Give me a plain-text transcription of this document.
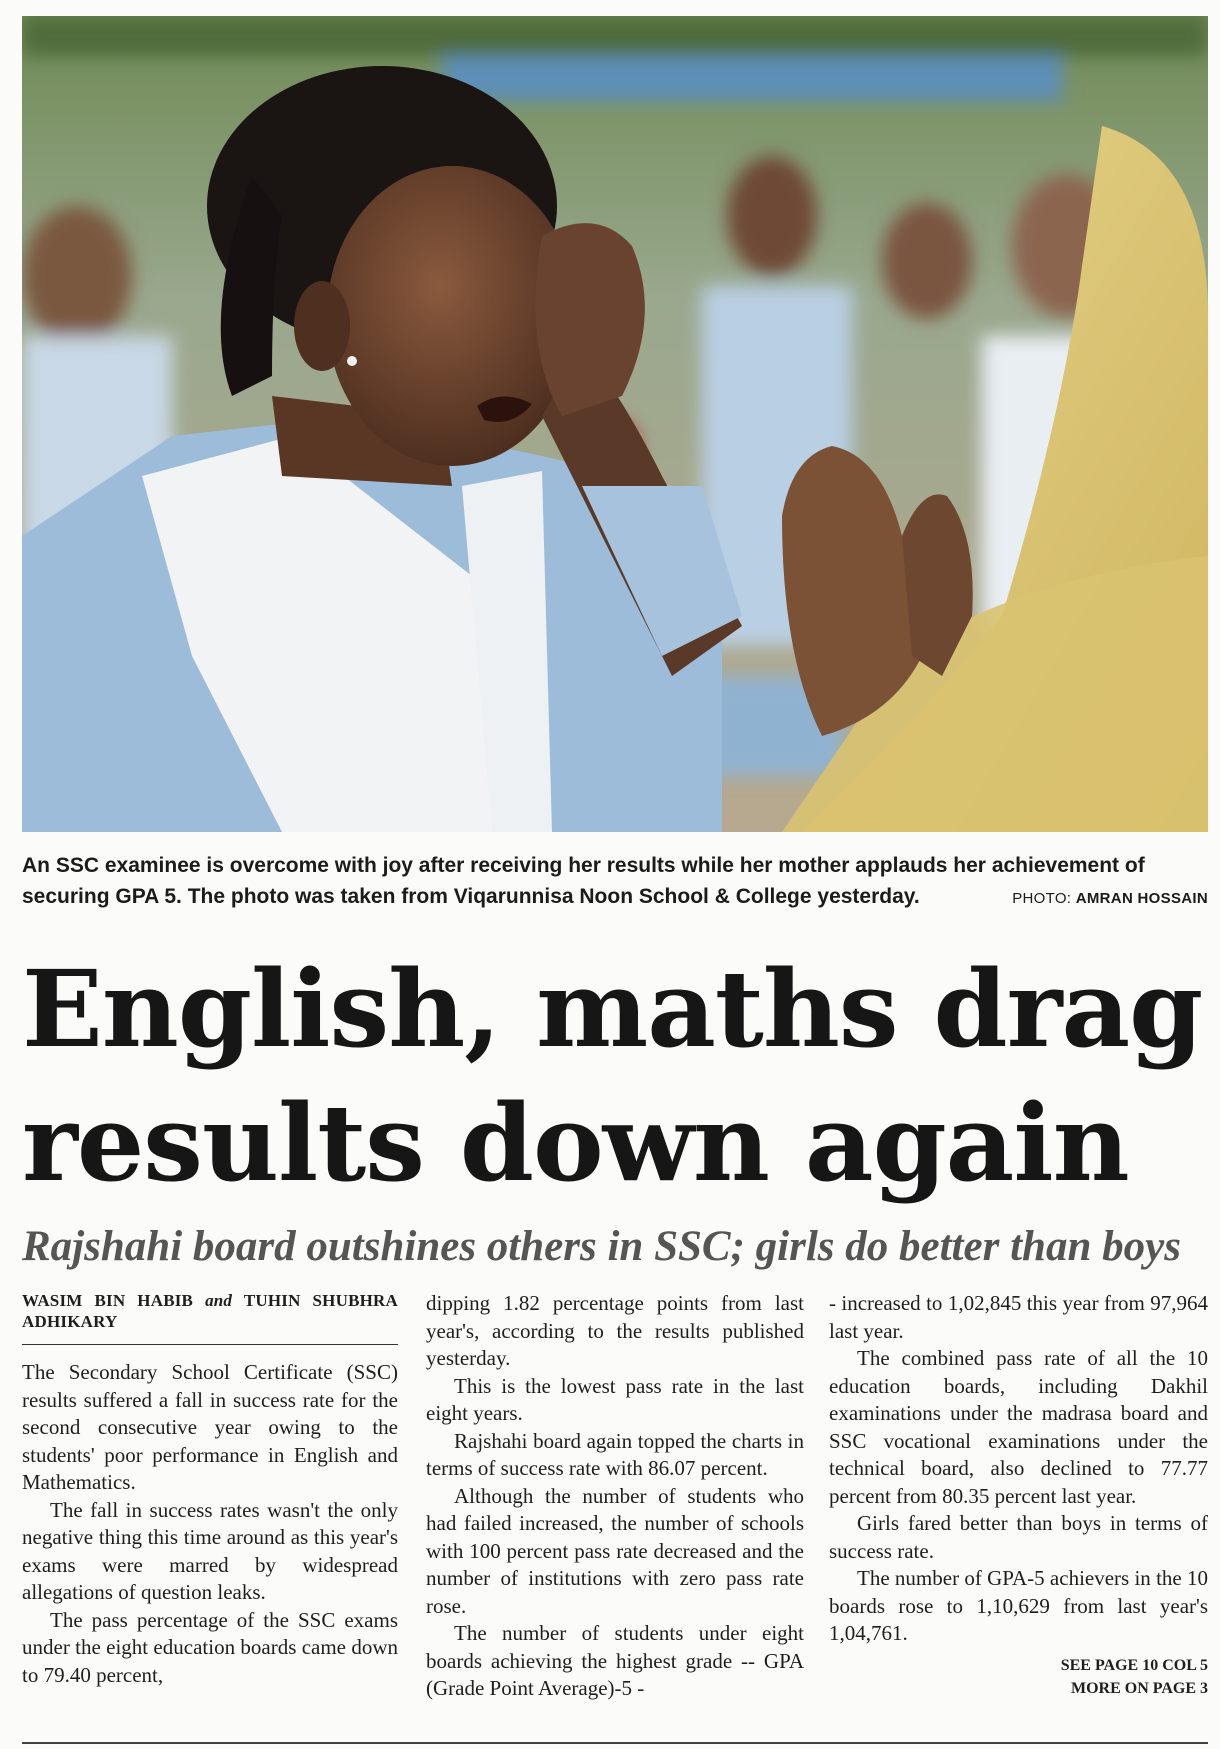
An SSC examinee is overcome with joy after receiving her results while her mother applauds her achievement of securing GPA 5. The photo was taken from Viqarunnisa Noon School & College yesterday.	PHOTO: AMRAN HOSSAIN
English, maths drag
results down again
Rajshahi board outshines others in SSC; girls do better than boys
WASIM BIN HABIB and TUHIN SHUBHRA ADHIKARY

The Secondary School Certificate (SSC) results suffered a fall in success rate for the second consecutive year owing to the students' poor performance in English and Mathematics.

The fall in success rates wasn't the only negative thing this time around as this year's exams were marred by widespread allegations of question leaks.

The pass percentage of the SSC exams under the eight education boards came down to 79.40 percent,

dipping 1.82 percentage points from last year's, according to the results published yesterday.

This is the lowest pass rate in the last eight years.

Rajshahi board again topped the charts in terms of success rate with 86.07 percent.

Although the number of students who had failed increased, the number of schools with 100 percent pass rate decreased and the number of institutions with zero pass rate rose.

The number of students under eight boards achieving the highest grade -- GPA (Grade Point Average)-5 -

- increased to 1,02,845 this year from 97,964 last year.

The combined pass rate of all the 10 education boards, including Dakhil examinations under the madrasa board and SSC vocational examinations under the technical board, also declined to 77.77 percent from 80.35 percent last year.

Girls fared better than boys in terms of success rate.

The number of GPA-5 achievers in the 10 boards rose to 1,10,629 from last year's 1,04,761.

SEE PAGE 10 COL 5
MORE ON PAGE 3
